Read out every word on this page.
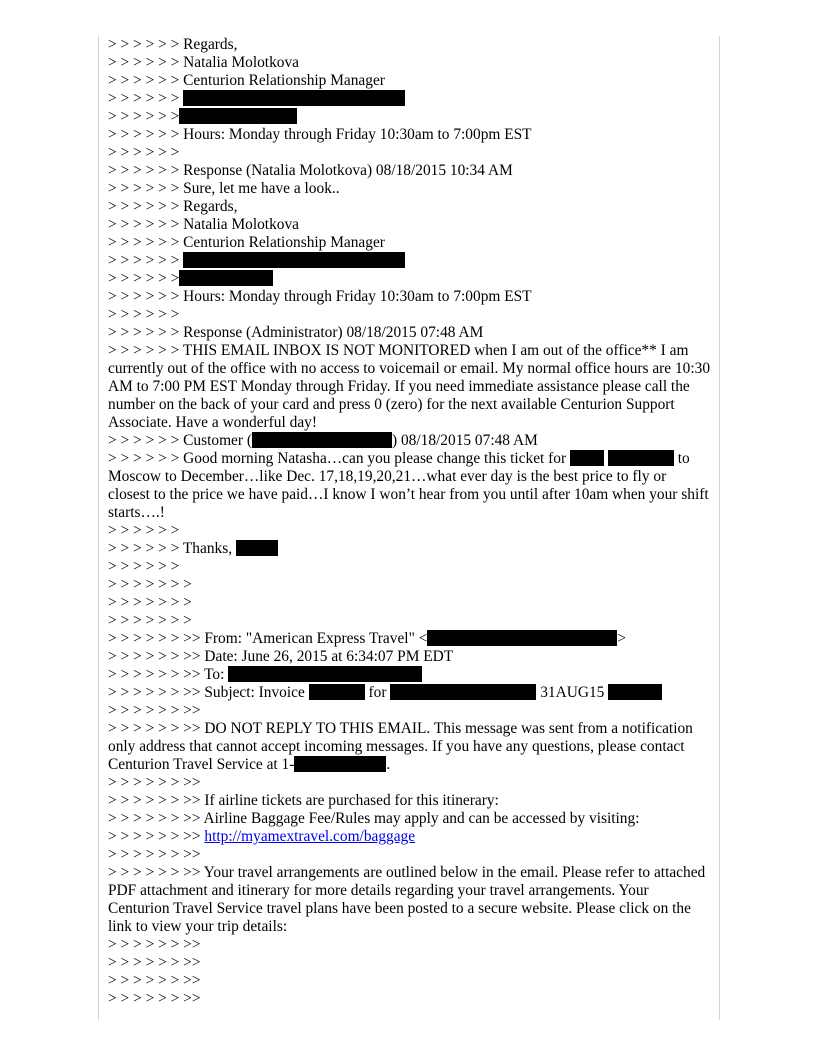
> > > > > > Regards,
> > > > > > Natalia Molotkova
> > > > > > Centurion Relationship Manager
> > > > > >
> > > > > >
> > > > > > Hours: Monday through Friday 10:30am to 7:00pm EST
> > > > > >
> > > > > > Response (Natalia Molotkova) 08/18/2015 10:34 AM
> > > > > > Sure, let me have a look..
> > > > > > Regards,
> > > > > > Natalia Molotkova
> > > > > > Centurion Relationship Manager
> > > > > >
> > > > > >
> > > > > > Hours: Monday through Friday 10:30am to 7:00pm EST
> > > > > >
> > > > > > Response (Administrator) 08/18/2015 07:48 AM
> > > > > > THIS EMAIL INBOX IS NOT MONITORED when I am out of the office** I am currently out of the office with no access to voicemail or email. My normal office hours are 10:30 AM to 7:00 PM EST Monday through Friday. If you need immediate assistance please call the number on the back of your card and press 0 (zero) for the next available Centurion Support Associate. Have a wonderful day!
> > > > > > Customer (	) 08/18/2015 07:48 AM
> > > > > > Good morning Natasha…can you please change this ticket for	to Moscow to December…like Dec. 17,18,19,20,21…what ever day is the best price to fly or closest to the price we have paid…I know I won’t hear from you until after 10am when your shift starts….!
> > > > > >
> > > > > > Thanks,
> > > > > >
> > > > > > >
> > > > > > >
> > > > > > >
> > > > > > >> From: "American Express Travel" <	>
> > > > > > >> Date: June 26, 2015 at 6:34:07 PM EDT
> > > > > > >> To:
> > > > > > >> Subject: Invoice	for	31AUG15
> > > > > > >>
> > > > > > >> DO NOT REPLY TO THIS EMAIL. This message was sent from a notification only address that cannot accept incoming messages. If you have any questions, please contact Centurion Travel Service at 1-	.
> > > > > > >>
> > > > > > >> If airline tickets are purchased for this itinerary:
> > > > > > >> Airline Baggage Fee/Rules may apply and can be accessed by visiting:
> > > > > > >> http://myamextravel.com/baggage
> > > > > > >>
> > > > > > >> Your travel arrangements are outlined below in the email. Please refer to attached PDF attachment and itinerary for more details regarding your travel arrangements. Your Centurion Travel Service travel plans have been posted to a secure website. Please click on the link to view your trip details:
> > > > > > >>
> > > > > > >>
> > > > > > >>
> > > > > > >>
